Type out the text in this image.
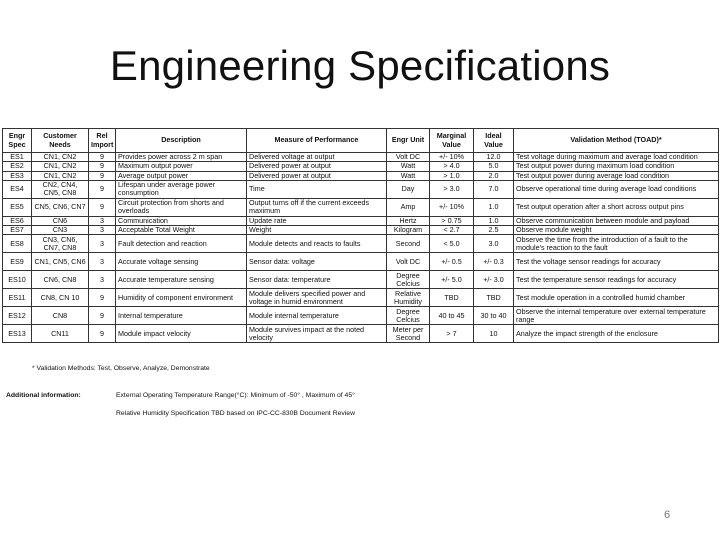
Engineering Specifications
Engr Spec	Customer Needs	Rel Import	Description	Measure of Performance	Engr Unit	Marginal Value	Ideal Value	Validation Method (TOAD)*
ES1	CN1, CN2	9	Provides power across 2 m span	Delivered voltage at output	Volt DC	+/- 10%	12.0	Test voltage during maximum and average load condition
ES2	CN1, CN2	9	Maximum output power	Delivered power at output	Watt	> 4.0	5.0	Test output power during maximum load condition
ES3	CN1, CN2	9	Average output power	Delivered power at output	Watt	> 1.0	2.0	Test output power during average load condition
ES4	CN2, CN4, CN5, CN8	9	Lifespan under average power consumption	Time	Day	> 3.0	7.0	Observe operational time during average load conditions
ES5	CN5, CN6, CN7	9	Circuit protection from shorts and overloads	Output turns off if the current exceeds maximum	Amp	+/- 10%	1.0	Test output operation after a short across output pins
ES6	CN6	3	Communication	Update rate	Hertz	> 0.75	1.0	Observe communication between module and payload
ES7	CN3	3	Acceptable Total Weight	Weight	Kilogram	< 2.7	2.5	Observe module weight
ES8	CN3, CN6, CN7, CN8	3	Fault detection and reaction	Module detects and reacts to faults	Second	< 5.0	3.0	Observe the time from the introduction of a fault to the module's reaction to the fault
ES9	CN1, CN5, CN6	3	Accurate voltage sensing	Sensor data: voltage	Volt DC	+/- 0.5	+/- 0.3	Test the voltage sensor readings for accuracy
ES10	CN6, CN8	3	Accurate temperature sensing	Sensor data: temperature	Degree Celcius	+/- 5.0	+/- 3.0	Test the temperature sensor readings for accuracy
ES11	CN8, CN 10	9	Humidity of component environment	Module delivers specified power and voltage in humid environment	Relative Humidity	TBD	TBD	Test module operation in a controlled humid chamber
ES12	CN8	9	Internal temperature	Module internal temperature	Degree Celcius	40 to 45	30 to 40	Observe the internal temperature over external temperature range
ES13	CN11	9	Module impact velocity	Module survives impact at the noted velocity	Meter per Second	> 7	10	Analyze the impact strength of the enclosure
* Validation Methods: Test, Observe, Analyze, Demonstrate
Additional information:	External Operating Temperature Range(°C): Minimum of -50° , Maximum of 45°
Relative Humidity Specification TBD based on IPC-CC-830B Document Review
6
